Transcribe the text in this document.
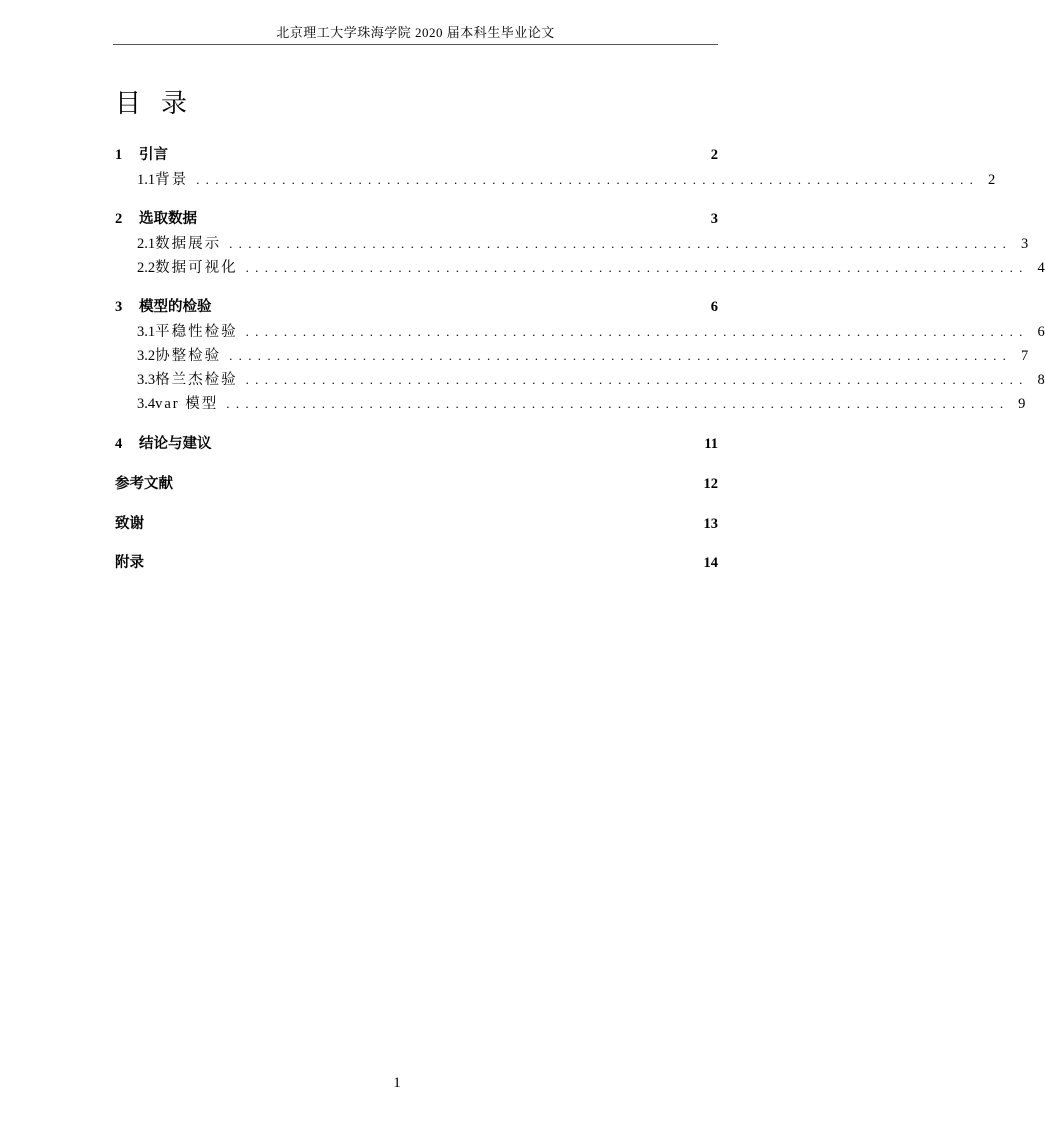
北京理工大学珠海学院 2020 届本科生毕业论文
目录
1	引言	2
1.1 背景 .................................................................................. 2
2	选取数据	3
2.1 数据展示 .................................................................................. 3
2.2 数据可视化 .................................................................................. 4
3	模型的检验	6
3.1 平稳性检验 .................................................................................. 6
3.2 协整检验 .................................................................................. 7
3.3 格兰杰检验 .................................................................................. 8
3.4 var 模型 .................................................................................. 9
4	结论与建议	11
参考文献	12
致谢	13
附录	14
1
